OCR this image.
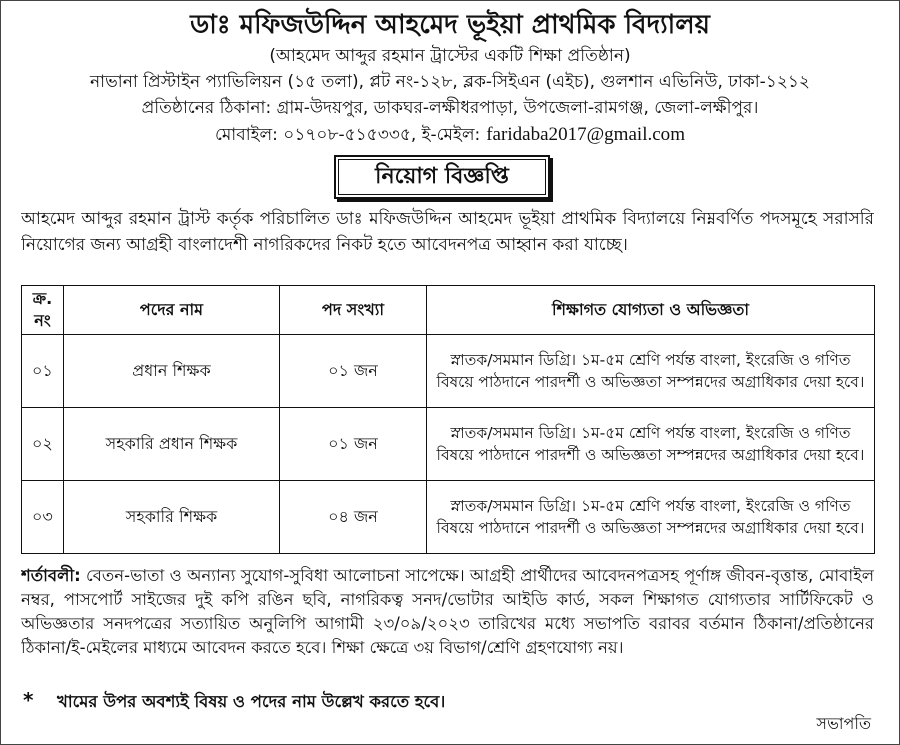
ডাঃ মফিজউদ্দিন আহমেদ ভূইয়া প্রাথমিক বিদ্যালয়
(আহমেদ আব্দুর রহমান ট্রাস্টের একটি শিক্ষা প্রতিষ্ঠান)
নাভানা প্রিস্টাইন প্যাভিলিয়ন (১৫ তলা), প্লট নং-১২৮, ব্লক-সিইএন (এইচ), গুলশান এভিনিউ, ঢাকা-১২১২
প্রতিষ্ঠানের ঠিকানা: গ্রাম-উদয়পুর, ডাকঘর-লক্ষীধরপাড়া, উপজেলা-রামগঞ্জ, জেলা-লক্ষীপুর।
মোবাইল: ০১৭০৮-৫১৫৩৩৫, ই-মেইল: faridaba2017@gmail.com
নিয়োগ বিজ্ঞপ্তি

আহমেদ আব্দুর রহমান ট্রাস্ট কর্তৃক পরিচালিত ডাঃ মফিজউদ্দিন আহমেদ ভূইয়া প্রাথমিক বিদ্যালয়ে নিম্নবর্ণিত পদসমূহে সরাসরি নিয়োগের জন্য আগ্রহী বাংলাদেশী নাগরিকদের নিকট হতে আবেদনপত্র আহ্বান করা যাচ্ছে।

ক্র.
নং	পদের নাম	পদ সংখ্যা	শিক্ষাগত যোগ্যতা ও অভিজ্ঞতা

০১	প্রধান শিক্ষক	০১ জন	স্নাতক/সমমান ডিগ্রি। ১ম-৫ম শ্রেণি পর্যন্ত বাংলা, ইংরেজি ও গণিত বিষয়ে পাঠদানে পারদর্শী ও অভিজ্ঞতা সম্পন্নদের অগ্রাধিকার দেয়া হবে।

০২	সহকারি প্রধান শিক্ষক	০১ জন	স্নাতক/সমমান ডিগ্রি। ১ম-৫ম শ্রেণি পর্যন্ত বাংলা, ইংরেজি ও গণিত বিষয়ে পাঠদানে পারদর্শী ও অভিজ্ঞতা সম্পন্নদের অগ্রাধিকার দেয়া হবে।

০৩	সহকারি শিক্ষক	০৪ জন	স্নাতক/সমমান ডিগ্রি। ১ম-৫ম শ্রেণি পর্যন্ত বাংলা, ইংরেজি ও গণিত বিষয়ে পাঠদানে পারদর্শী ও অভিজ্ঞতা সম্পন্নদের অগ্রাধিকার দেয়া হবে।

শর্তাবলী: বেতন-ভাতা ও অন্যান্য সুযোগ-সুবিধা আলোচনা সাপেক্ষে। আগ্রহী প্রার্থীদের আবেদনপত্রসহ পূর্ণাঙ্গ জীবন-বৃত্তান্ত, মোবাইল নম্বর, পাসপোর্ট সাইজের দুই কপি রঙিন ছবি, নাগরিকত্ব সনদ/ভোটার আইডি কার্ড, সকল শিক্ষাগত যোগ্যতার সার্টিফিকেট ও অভিজ্ঞতার সনদপত্রের সত্যায়িত অনুলিপি আগামী ২৩/০৯/২০২৩ তারিখের মধ্যে সভাপতি বরাবর বর্তমান ঠিকানা/প্রতিষ্ঠানের ঠিকানা/ই-মেইলের মাধ্যমে আবেদন করতে হবে। শিক্ষা ক্ষেত্রে ৩য় বিভাগ/শ্রেণি গ্রহণযোগ্য নয়।

* খামের উপর অবশ্যই বিষয় ও পদের নাম উল্লেখ করতে হবে।
সভাপতি
